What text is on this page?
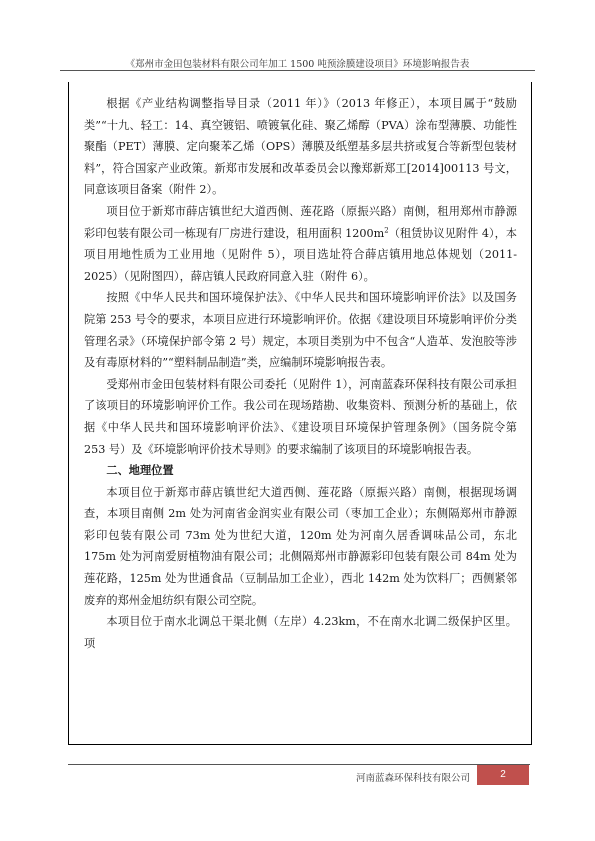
《郑州市金田包装材料有限公司年加工 1500 吨预涂膜建设项目》环境影响报告表

根据《产业结构调整指导目录（2011 年）》（2013 年修正），本项目属于“鼓励类”“十九、轻工：14、真空镀铝、喷镀氧化硅、聚乙烯醇（PVA）涂布型薄膜、功能性聚酯（PET）薄膜、定向聚苯乙烯（OPS）薄膜及纸塑基多层共挤或复合等新型包装材料”，符合国家产业政策。新郑市发展和改革委员会以豫郑新郑工[2014]00113 号文，同意该项目备案（附件 2）。

项目位于新郑市薛店镇世纪大道西侧、莲花路（原振兴路）南侧，租用郑州市静源彩印包装有限公司一栋现有厂房进行建设，租用面积 $1200m^2$（租赁协议见附件 4），本项目用地性质为工业用地（见附件 5），项目选址符合薛店镇用地总体规划（2011-2025）（见附图四），薛店镇人民政府同意入驻（附件 6）。

按照《中华人民共和国环境保护法》、《中华人民共和国环境影响评价法》以及国务院第 253 号令的要求，本项目应进行环境影响评价。依据《建设项目环境影响评价分类管理名录》（环境保护部令第 2 号）规定，本项目类别为中不包含“人造革、发泡胶等涉及有毒原材料的”“塑料制品制造”类，应编制环境影响报告表。

受郑州市金田包装材料有限公司委托（见附件 1），河南蓝森环保科技有限公司承担了该项目的环境影响评价工作。我公司在现场踏勘、收集资料、预测分析的基础上，依据《中华人民共和国环境影响评价法》、《建设项目环境保护管理条例》（国务院令第 253 号）及《环境影响评价技术导则》的要求编制了该项目的环境影响报告表。

二、地理位置

本项目位于新郑市薛店镇世纪大道西侧、莲花路（原振兴路）南侧，根据现场调查，本项目南侧 2m 处为河南省金润实业有限公司（枣加工企业）；东侧隔郑州市静源彩印包装有限公司 73m 处为世纪大道，120m 处为河南久居香调味品公司，东北 175m 处为河南爱厨植物油有限公司；北侧隔郑州市静源彩印包装有限公司 84m 处为莲花路，125m 处为世通食品（豆制品加工企业），西北 142m 处为饮料厂；西侧紧邻废弃的郑州金旭纺织有限公司空院。

本项目位于南水北调总干渠北侧（左岸）4.23km，不在南水北调二级保护区里。项

河南蓝森环保科技有限公司	2
